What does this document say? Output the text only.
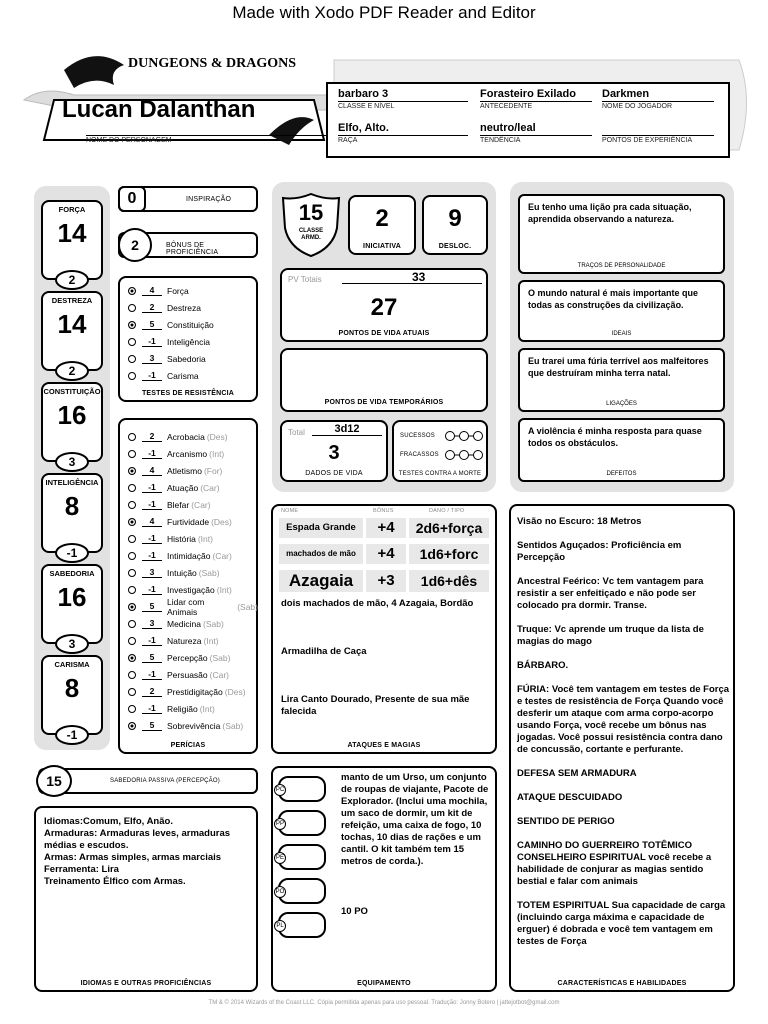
Made with Xodo PDF Reader and Editor
DUNGEONS & DRAGONS
Lucan Dalanthan
NOME DO PERSONAGEM
barbaro 3
CLASSE E NÍVEL
Forasteiro Exilado
ANTECEDENTE
Darkmen
NOME DO JOGADOR
Elfo, Alto.
RAÇA
neutro/leal
TENDÊNCIA	PONTOS DE EXPERIÊNCIA
FORÇA
14
2
DESTREZA
14
2
CONSTITUIÇÃO
16
3
INTELIGÊNCIA
8
-1
SABEDORIA
16
3
CARISMA
8
-1
0	INSPIRAÇÃO
2	BÔNUS DE PROFICIÊNCIA
4	Força
2	Destreza
5	Constituição
-1	Inteligência
3	Sabedoria
-1	Carisma
TESTES DE RESISTÊNCIA
2	Acrobacia (Des)
-1	Arcanismo (Int)
4	Atletismo (For)
-1	Atuação (Car)
-1	Blefar (Car)
4	Furtividade (Des)
-1	História (Int)
-1	Intimidação (Car)
3	Intuição (Sab)
-1	Investigação (Int)
5	Lidar com Animais	(Sab)
3	Medicina (Sab)
-1	Natureza (Int)
5	Percepção (Sab)
-1	Persuasão (Car)
2	Prestidigitação (Des)
-1	Religião (Int)
5	Sobrevivência (Sab)
PERÍCIAS
15
CLASSE ARMD.
2
INICIATIVA
9
DESLOC.
PV Totais	33
27
PONTOS DE VIDA ATUAIS
PONTOS DE VIDA TEMPORÁRIOS
Total	3d12
3
DADOS DE VIDA
SUCESSOS
FRACASSOS
TESTES CONTRA A MORTE
Eu tenho uma lição pra cada situação, aprendida observando a natureza.
TRAÇOS DE PERSONALIDADE
O mundo natural é mais importante que todas as construções da civilização.
IDEAIS
Eu trarei uma fúria terrível aos malfeitores que destruíram minha terra natal.
LIGAÇÕES
A violência é minha resposta para quase todos os obstáculos.
DEFEITOS
NOME	BÔNUS	DANO / TIPO
Espada Grande	+4	2d6+força
machados de mão	+4	1d6+forc
Azagaia	+3	1d6+dês
dois machados de mão, 4 Azagaia, Bordão
Armadilha de Caça
Lira Canto Dourado, Presente de sua mãe falecida
ATAQUES E MAGIAS
15	SABEDORIA PASSIVA (PERCEPÇÃO)
Idiomas:Comum, Elfo, Anão.
Armaduras: Armaduras leves, armaduras médias e escudos.
Armas: Armas simples, armas marciais
Ferramenta: Lira
Treinamento Élfico com Armas.
IDIOMAS E OUTRAS PROFICIÊNCIAS
manto de um Urso, um conjunto de roupas de viajante, Pacote de Explorador. (Inclui uma mochila, um saco de dormir, um kit de refeição, uma caixa de fogo, 10 tochas, 10 dias de rações e um cantil. O kit também tem 15 metros de corda.).
10 PO
EQUIPAMENTO
PC
PP
PE
PO
PL
Visão no Escuro: 18 Metros
Sentidos Aguçados: Proficiência em Percepção
Ancestral Feérico: Vc tem vantagem para resistir a ser enfeitiçado e não pode ser colocado pra dormir. Transe.
Truque: Vc aprende um truque da lista de magias do mago
BÁRBARO.
FÚRIA: Você tem vantagem em testes de Força e testes de resistência de Força Quando você desferir um ataque com arma corpo-acorpo usando Força, você recebe um bônus nas jogadas. Você possui resistência contra dano de concussão, cortante e perfurante.
DEFESA SEM ARMADURA
ATAQUE DESCUIDADO
SENTIDO DE PERIGO
CAMINHO DO GUERREIRO TOTÊMICO CONSELHEIRO ESPIRITUAL você recebe a habilidade de conjurar as magias sentido bestial e falar com animais
TOTEM ESPIRITUAL Sua capacidade de carga (incluindo carga máxima e capacidade de erguer) é dobrada e você tem vantagem em testes de Força
CARACTERÍSTICAS E HABILIDADES
TM & © 2014 Wizards of the Coast LLC. Cópia permitida apenas para uso pessoal. Tradução: Jonny Botero | jattejotbot@gmail.com
